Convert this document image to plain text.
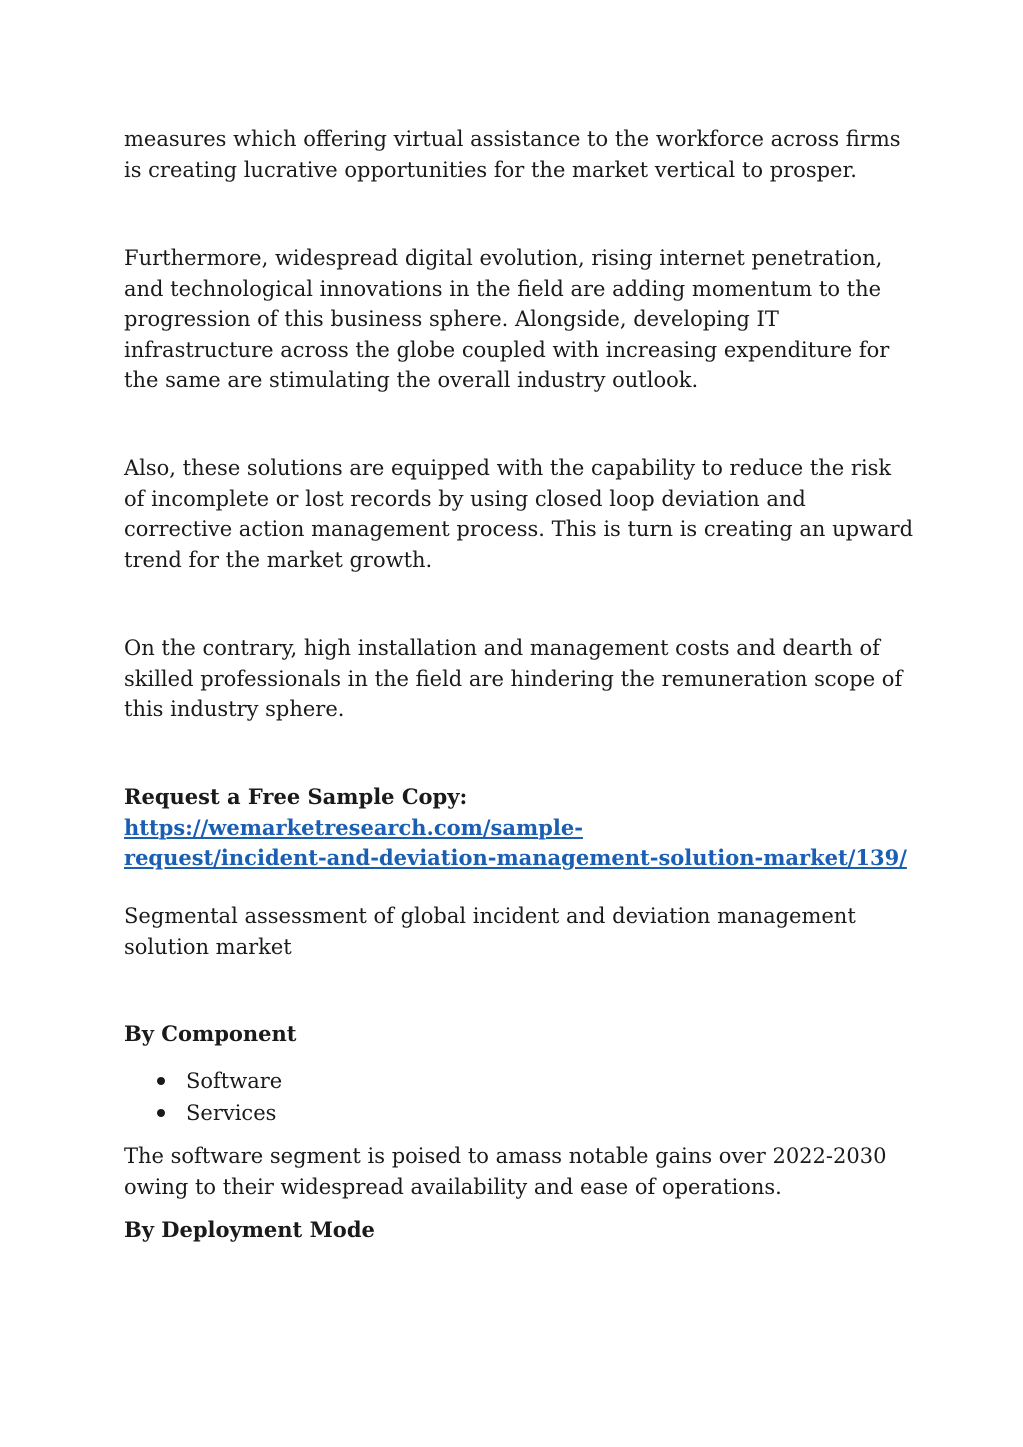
measures which offering virtual assistance to the workforce across firms is creating lucrative opportunities for the market vertical to prosper.

Furthermore, widespread digital evolution, rising internet penetration, and technological innovations in the field are adding momentum to the progression of this business sphere. Alongside, developing IT infrastructure across the globe coupled with increasing expenditure for the same are stimulating the overall industry outlook.

Also, these solutions are equipped with the capability to reduce the risk of incomplete or lost records by using closed loop deviation and corrective action management process. This is turn is creating an upward trend for the market growth.

On the contrary, high installation and management costs and dearth of skilled professionals in the field are hindering the remuneration scope of this industry sphere.

Request a Free Sample Copy: https://wemarketresearch.com/sample-
request/incident-and-deviation-management-solution-market/139/

Segmental assessment of global incident and deviation management solution market

By Component

Software
Services

The software segment is poised to amass notable gains over 2022-2030 owing to their widespread availability and ease of operations.

By Deployment Mode
